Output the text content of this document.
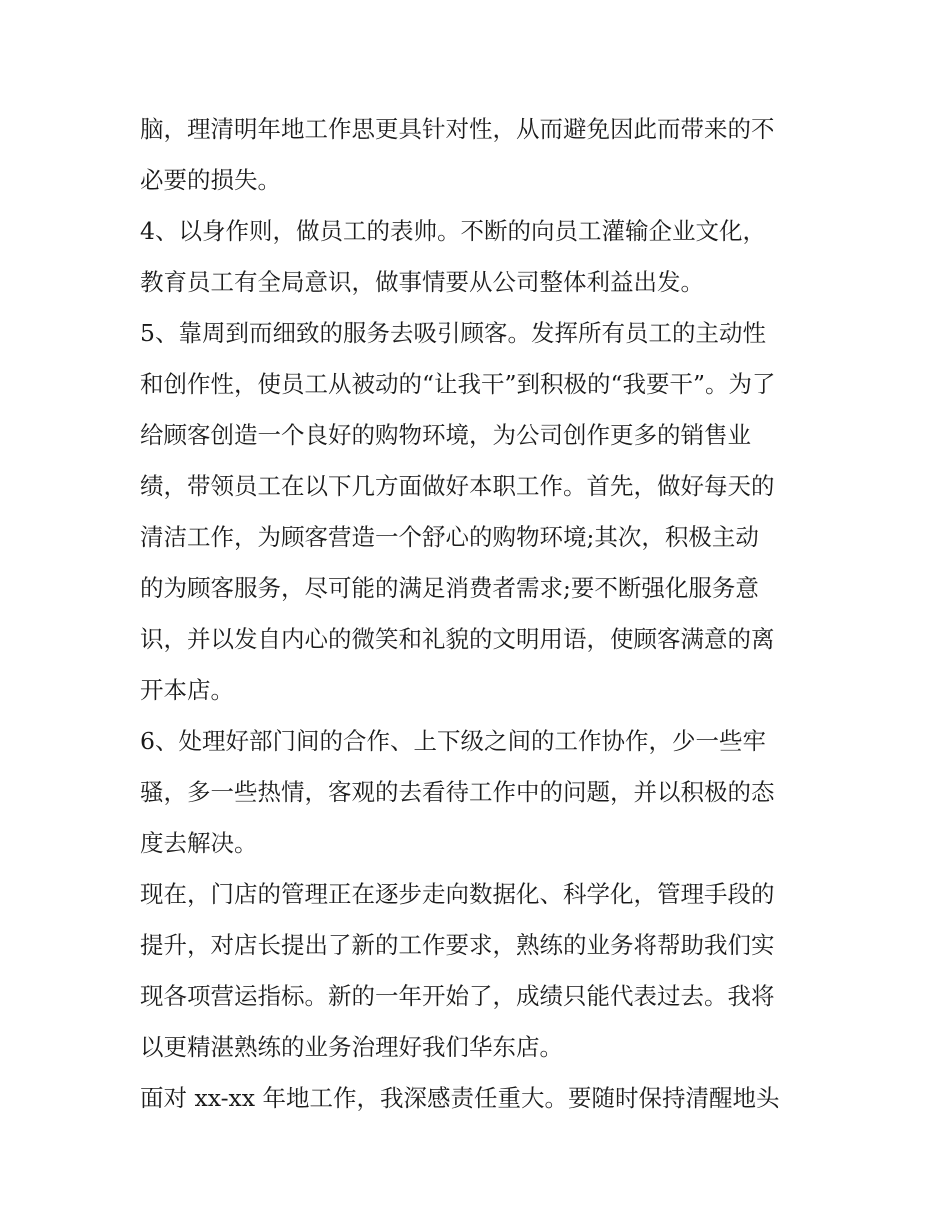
脑，理清明年地工作思更具针对性，从而避免因此而带来的不
必要的损失。
4、以身作则，做员工的表帅。不断的向员工灌输企业文化，
教育员工有全局意识，做事情要从公司整体利益出发。
5、靠周到而细致的服务去吸引顾客。发挥所有员工的主动性
和创作性，使员工从被动的“让我干”到积极的“我要干”。为了
给顾客创造一个良好的购物环境，为公司创作更多的销售业
绩，带领员工在以下几方面做好本职工作。首先，做好每天的
清洁工作，为顾客营造一个舒心的购物环境;其次，积极主动
的为顾客服务，尽可能的满足消费者需求;要不断强化服务意
识，并以发自内心的微笑和礼貌的文明用语，使顾客满意的离
开本店。
6、处理好部门间的合作、上下级之间的工作协作，少一些牢
骚，多一些热情，客观的去看待工作中的问题，并以积极的态
度去解决。
现在，门店的管理正在逐步走向数据化、科学化，管理手段的
提升，对店长提出了新的工作要求，熟练的业务将帮助我们实
现各项营运指标。新的一年开始了，成绩只能代表过去。我将
以更精湛熟练的业务治理好我们华东店。
面对 xx-xx 年地工作，我深感责任重大。要随时保持清醒地头
